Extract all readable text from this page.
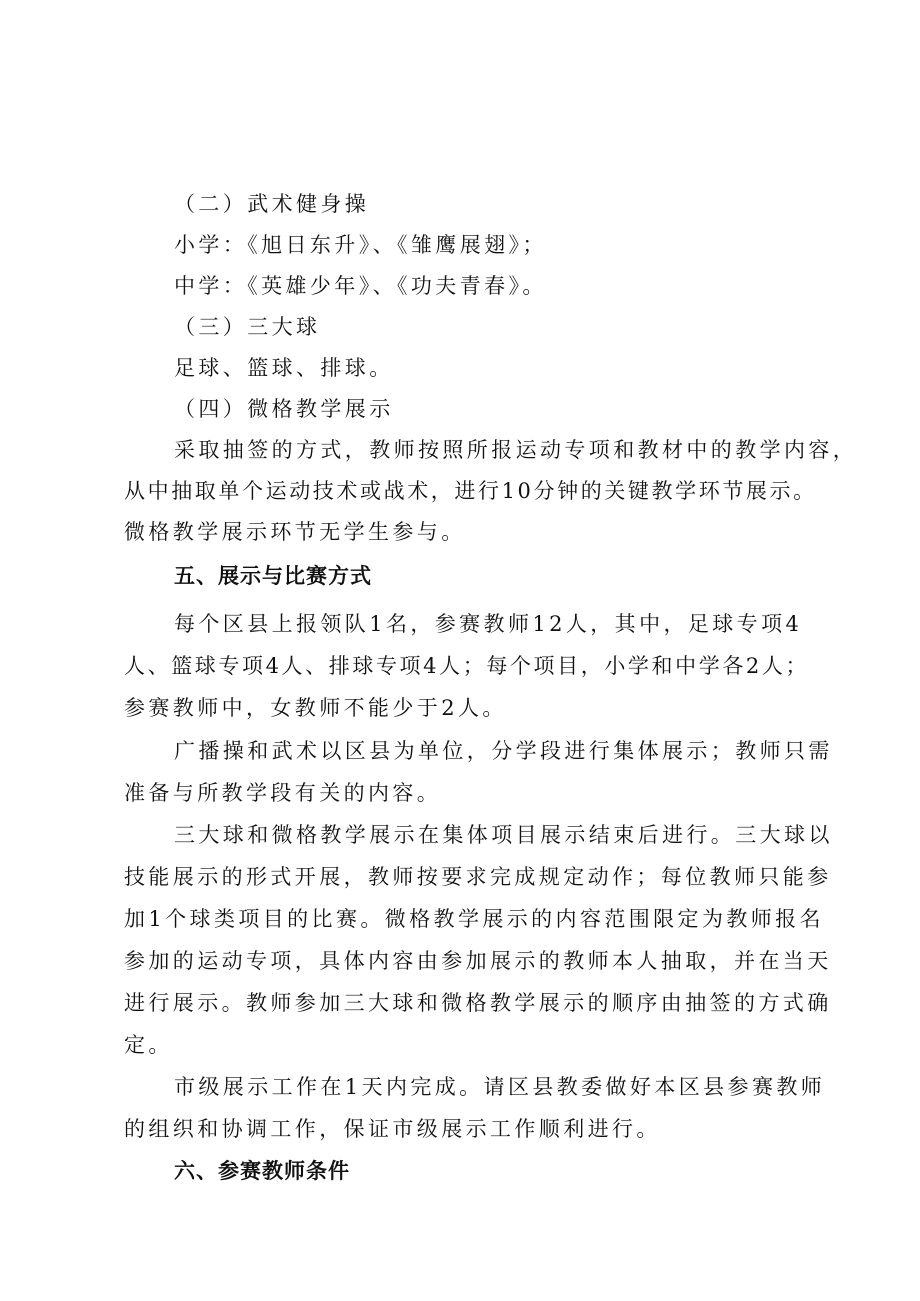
（二）武术健身操
小学：《旭日东升》、《雏鹰展翅》；
中学：《英雄少年》、《功夫青春》。
（三）三大球
足球、篮球、排球。
（四）微格教学展示
采取抽签的方式，教师按照所报运动专项和教材中的教学内容，
从中抽取单个运动技术或战术，进行10分钟的关键教学环节展示。
微格教学展示环节无学生参与。
五、展示与比赛方式
每个区县上报领队1名，参赛教师12人，其中，足球专项4
人、篮球专项4人、排球专项4人；每个项目，小学和中学各2人；
参赛教师中，女教师不能少于2人。
广播操和武术以区县为单位，分学段进行集体展示；教师只需
准备与所教学段有关的内容。
三大球和微格教学展示在集体项目展示结束后进行。三大球以
技能展示的形式开展，教师按要求完成规定动作；每位教师只能参
加1个球类项目的比赛。微格教学展示的内容范围限定为教师报名
参加的运动专项，具体内容由参加展示的教师本人抽取，并在当天
进行展示。教师参加三大球和微格教学展示的顺序由抽签的方式确
定。
市级展示工作在1天内完成。请区县教委做好本区县参赛教师
的组织和协调工作，保证市级展示工作顺利进行。
六、参赛教师条件
